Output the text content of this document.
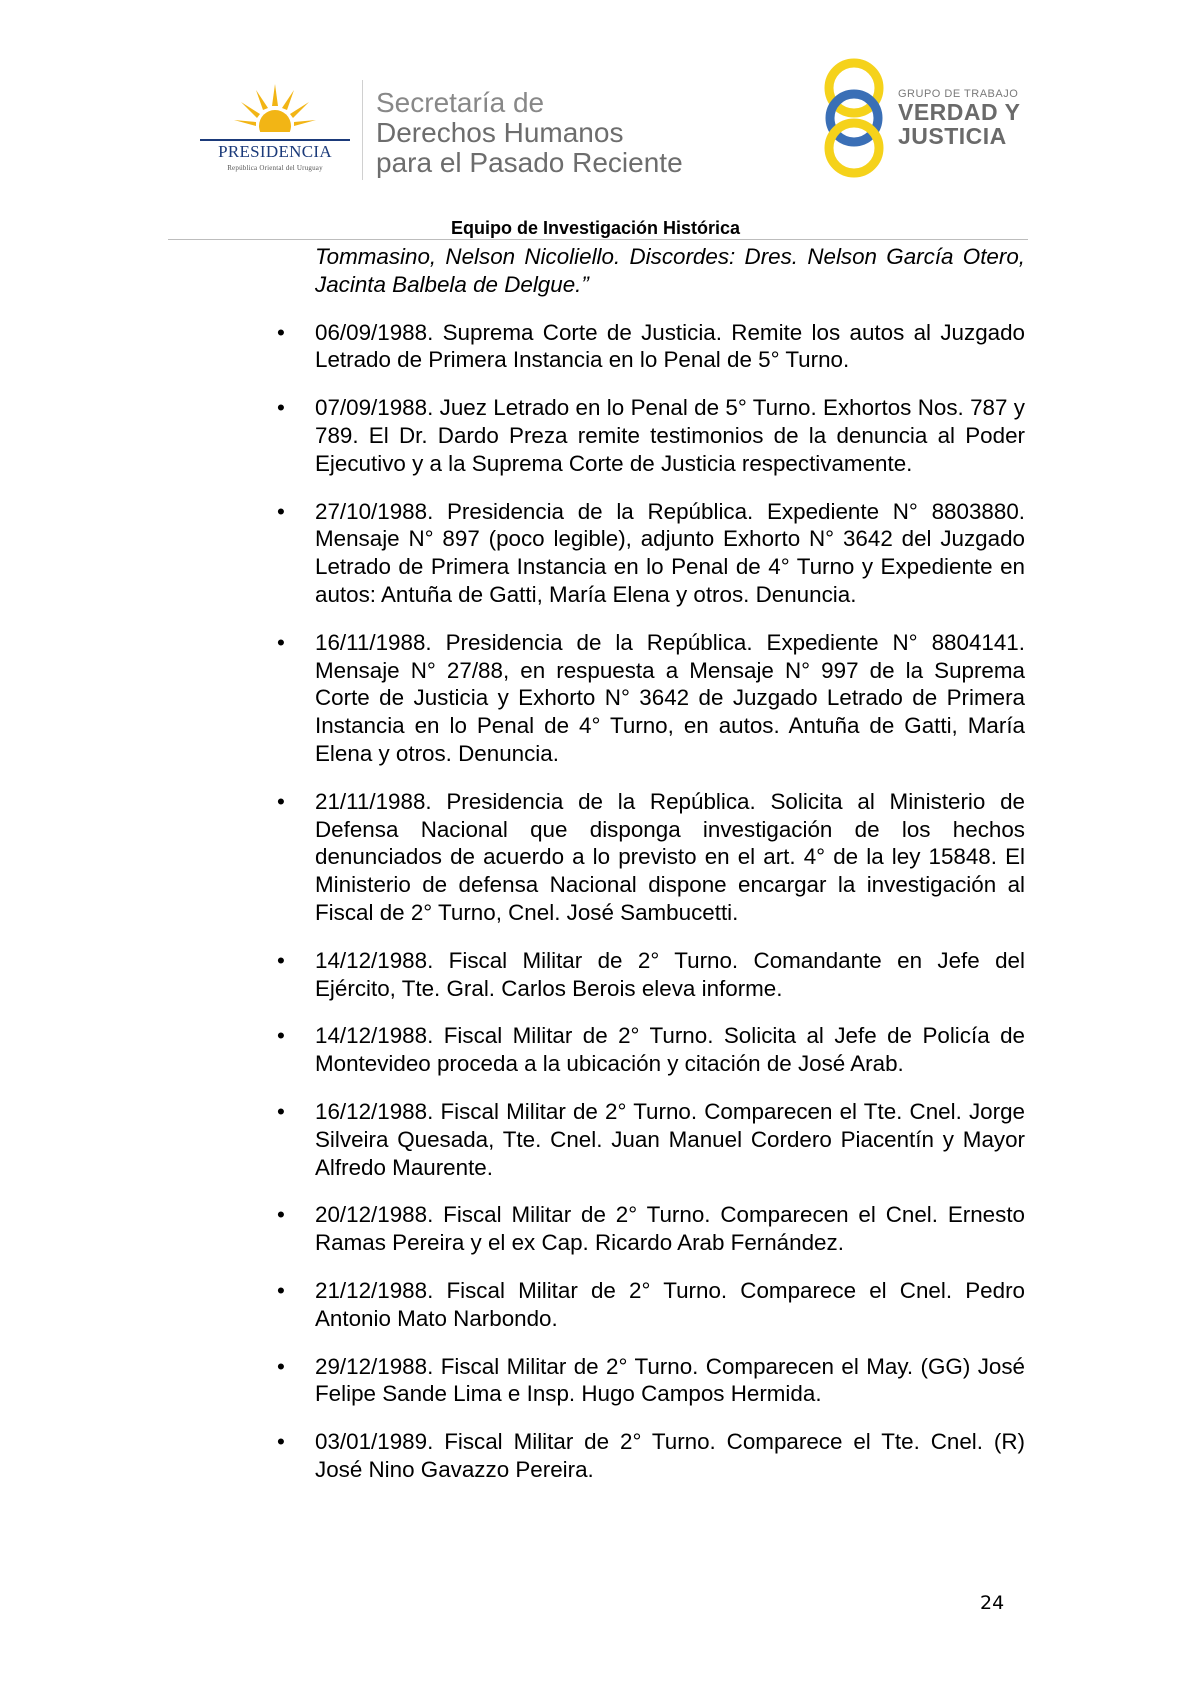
PRESIDENCIA
República Oriental del Uruguay
Secretaría de
Derechos Humanos
para el Pasado Reciente
GRUPO DE TRABAJO
VERDAD Y
JUSTICIA
Equipo de Investigación Histórica

Tommasino, Nelson Nicoliello. Discordes: Dres. Nelson García Otero, Jacinta Balbela de Delgue.”

• 06/09/1988. Suprema Corte de Justicia. Remite los autos al Juzgado Letrado de Primera Instancia en lo Penal de 5° Turno.
• 07/09/1988. Juez Letrado en lo Penal de 5° Turno. Exhortos Nos. 787 y 789. El Dr. Dardo Preza remite testimonios de la denuncia al Poder Ejecutivo y a la Suprema Corte de Justicia respectivamente.
• 27/10/1988. Presidencia de la República. Expediente N° 8803880. Mensaje N° 897 (poco legible), adjunto Exhorto N° 3642 del Juzgado Letrado de Primera Instancia en lo Penal de 4° Turno y Expediente en autos: Antuña de Gatti, María Elena y otros. Denuncia.
• 16/11/1988. Presidencia de la República. Expediente N° 8804141. Mensaje N° 27/88, en respuesta a Mensaje N° 997 de la Suprema Corte de Justicia y Exhorto N° 3642 de Juzgado Letrado de Primera Instancia en lo Penal de 4° Turno, en autos. Antuña de Gatti, María Elena y otros. Denuncia.
• 21/11/1988. Presidencia de la República. Solicita al Ministerio de Defensa Nacional que disponga investigación de los hechos denunciados de acuerdo a lo previsto en el art. 4° de la ley 15848. El Ministerio de defensa Nacional dispone encargar la investigación al Fiscal de 2° Turno, Cnel. José Sambucetti.
• 14/12/1988. Fiscal Militar de 2° Turno. Comandante en Jefe del Ejército, Tte. Gral. Carlos Berois eleva informe.
• 14/12/1988. Fiscal Militar de 2° Turno. Solicita al Jefe de Policía de Montevideo proceda a la ubicación y citación de José Arab.
• 16/12/1988. Fiscal Militar de 2° Turno. Comparecen el Tte. Cnel. Jorge Silveira Quesada, Tte. Cnel. Juan Manuel Cordero Piacentín y Mayor Alfredo Maurente.
• 20/12/1988. Fiscal Militar de 2° Turno. Comparecen el Cnel. Ernesto Ramas Pereira y el ex Cap. Ricardo Arab Fernández.
• 21/12/1988. Fiscal Militar de 2° Turno. Comparece el Cnel. Pedro Antonio Mato Narbondo.
• 29/12/1988. Fiscal Militar de 2° Turno. Comparecen el May. (GG) José Felipe Sande Lima e Insp. Hugo Campos Hermida.
• 03/01/1989. Fiscal Militar de 2° Turno. Comparece el Tte. Cnel. (R) José Nino Gavazzo Pereira.
24
